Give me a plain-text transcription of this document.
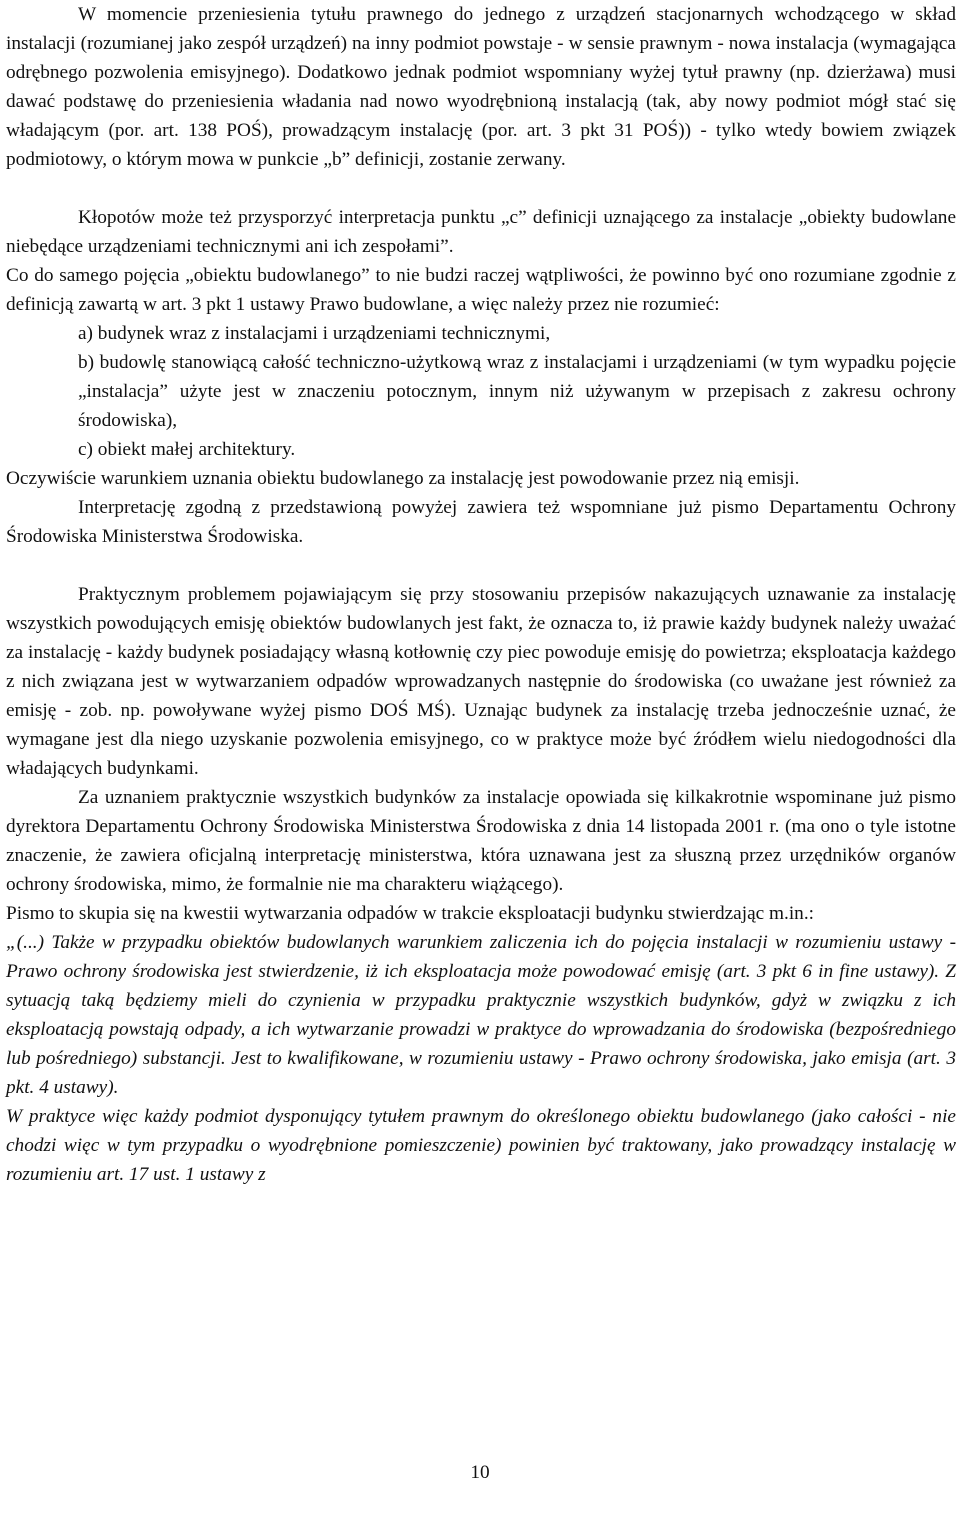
W momencie przeniesienia tytułu prawnego do jednego z urządzeń stacjonarnych wchodzącego w skład instalacji (rozumianej jako zespół urządzeń) na inny podmiot powstaje - w sensie prawnym - nowa instalacja (wymagająca odrębnego pozwolenia emisyjnego). Dodatkowo jednak podmiot wspomniany wyżej tytuł prawny (np. dzierżawa) musi dawać podstawę do przeniesienia władania nad nowo wyodrębnioną instalacją (tak, aby nowy podmiot mógł stać się władającym (por. art. 138 POŚ), prowadzącym instalację (por. art. 3 pkt 31 POŚ)) - tylko wtedy bowiem związek podmiotowy, o którym mowa w punkcie „b” definicji, zostanie zerwany.

Kłopotów może też przysporzyć interpretacja punktu „c” definicji uznającego za instalacje „obiekty budowlane niebędące urządzeniami technicznymi ani ich zespołami”.

Co do samego pojęcia „obiektu budowlanego” to nie budzi raczej wątpliwości, że powinno być ono rozumiane zgodnie z definicją zawartą w art. 3 pkt 1 ustawy Prawo budowlane, a więc należy przez nie rozumieć:

a) budynek wraz z instalacjami i urządzeniami technicznymi,

b) budowlę stanowiącą całość techniczno-użytkową wraz z instalacjami i urządzeniami (w tym wypadku pojęcie „instalacja” użyte jest w znaczeniu potocznym, innym niż używanym w przepisach z zakresu ochrony środowiska),

c) obiekt małej architektury.

Oczywiście warunkiem uznania obiektu budowlanego za instalację jest powodowanie przez nią emisji.

Interpretację zgodną z przedstawioną powyżej zawiera też wspomniane już pismo Departamentu Ochrony Środowiska Ministerstwa Środowiska.

Praktycznym problemem pojawiającym się przy stosowaniu przepisów nakazujących uznawanie za instalację wszystkich powodujących emisję obiektów budowlanych jest fakt, że oznacza to, iż prawie każdy budynek należy uważać za instalację - każdy budynek posiadający własną kotłownię czy piec powoduje emisję do powietrza; eksploatacja każdego z nich związana jest w wytwarzaniem odpadów wprowadzanych następnie do środowiska (co uważane jest również za emisję - zob. np. powoływane wyżej pismo DOŚ MŚ). Uznając budynek za instalację trzeba jednocześnie uznać, że wymagane jest dla niego uzyskanie pozwolenia emisyjnego, co w praktyce może być źródłem wielu niedogodności dla władających budynkami.

Za uznaniem praktycznie wszystkich budynków za instalacje opowiada się kilkakrotnie wspominane już pismo dyrektora Departamentu Ochrony Środowiska Ministerstwa Środowiska z dnia 14 listopada 2001 r. (ma ono o tyle istotne znaczenie, że zawiera oficjalną interpretację ministerstwa, która uznawana jest za słuszną przez urzędników organów ochrony środowiska, mimo, że formalnie nie ma charakteru wiążącego).

Pismo to skupia się na kwestii wytwarzania odpadów w trakcie eksploatacji budynku stwierdzając m.in.:

„(...) Także w przypadku obiektów budowlanych warunkiem zaliczenia ich do pojęcia instalacji w rozumieniu ustawy - Prawo ochrony środowiska jest stwierdzenie, iż ich eksploatacja może powodować emisję (art. 3 pkt 6 in fine ustawy). Z sytuacją taką będziemy mieli do czynienia w przypadku praktycznie wszystkich budynków, gdyż w związku z ich eksploatacją powstają odpady, a ich wytwarzanie prowadzi w praktyce do wprowadzania do środowiska (bezpośredniego lub pośredniego) substancji. Jest to kwalifikowane, w rozumieniu ustawy - Prawo ochrony środowiska, jako emisja (art. 3 pkt. 4 ustawy).

W praktyce więc każdy podmiot dysponujący tytułem prawnym do określonego obiektu budowlanego (jako całości - nie chodzi więc w tym przypadku o wyodrębnione pomieszczenie) powinien być traktowany, jako prowadzący instalację w rozumieniu art. 17 ust. 1 ustawy z

10
